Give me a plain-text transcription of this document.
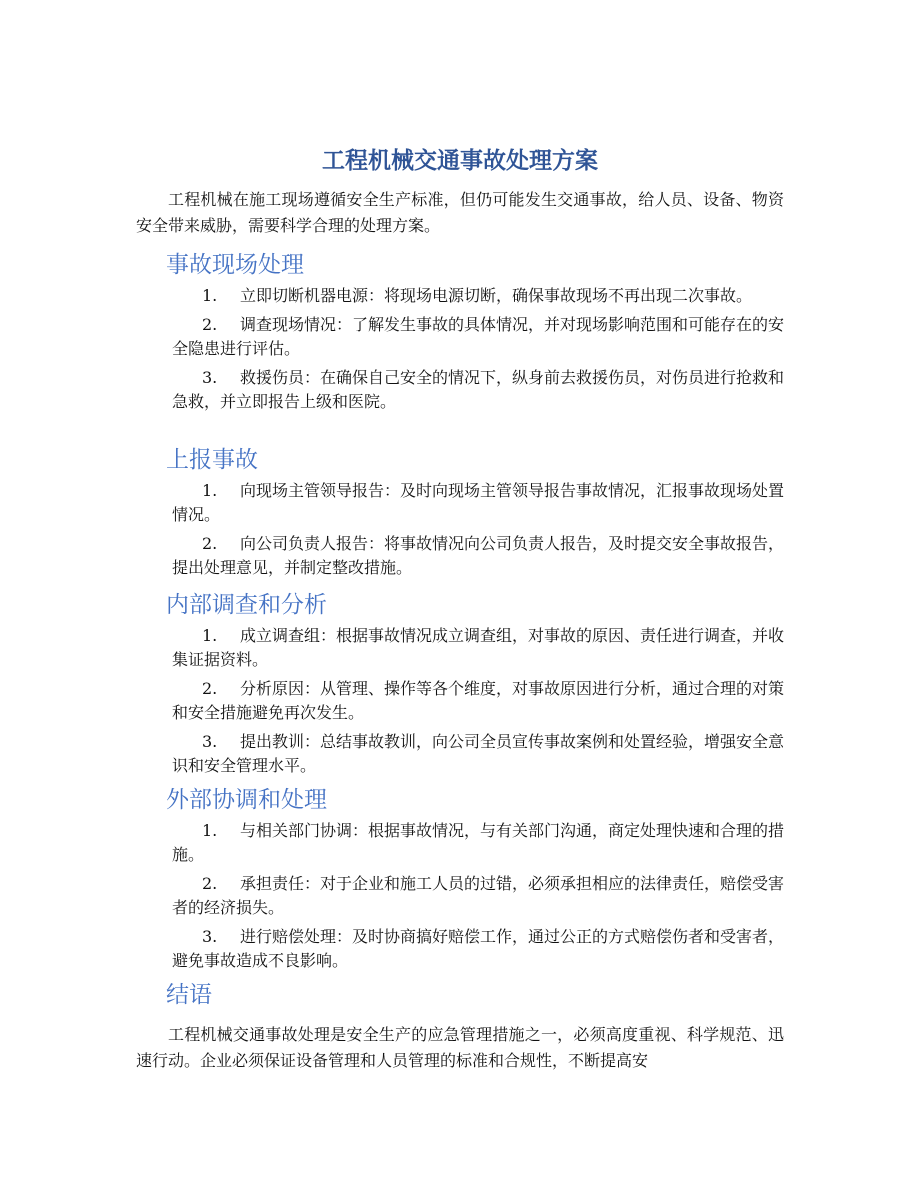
工程机械交通事故处理方案

工程机械在施工现场遵循安全生产标准，但仍可能发生交通事故，给人员、设备、物资安全带来威胁，需要科学合理的处理方案。

事故现场处理

1. 立即切断机器电源：将现场电源切断，确保事故现场不再出现二次事故。

2. 调查现场情况：了解发生事故的具体情况，并对现场影响范围和可能存在的安全隐患进行评估。

3. 救援伤员：在确保自己安全的情况下，纵身前去救援伤员，对伤员进行抢救和急救，并立即报告上级和医院。

上报事故

1. 向现场主管领导报告：及时向现场主管领导报告事故情况，汇报事故现场处置情况。

2. 向公司负责人报告：将事故情况向公司负责人报告，及时提交安全事故报告，提出处理意见，并制定整改措施。

内部调查和分析

1. 成立调查组：根据事故情况成立调查组，对事故的原因、责任进行调查，并收集证据资料。

2. 分析原因：从管理、操作等各个维度，对事故原因进行分析，通过合理的对策和安全措施避免再次发生。

3. 提出教训：总结事故教训，向公司全员宣传事故案例和处置经验，增强安全意识和安全管理水平。

外部协调和处理

1. 与相关部门协调：根据事故情况，与有关部门沟通，商定处理快速和合理的措施。

2. 承担责任：对于企业和施工人员的过错，必须承担相应的法律责任，赔偿受害者的经济损失。

3. 进行赔偿处理：及时协商搞好赔偿工作，通过公正的方式赔偿伤者和受害者，避免事故造成不良影响。

结语

工程机械交通事故处理是安全生产的应急管理措施之一，必须高度重视、科学规范、迅速行动。企业必须保证设备管理和人员管理的标准和合规性，不断提高安
